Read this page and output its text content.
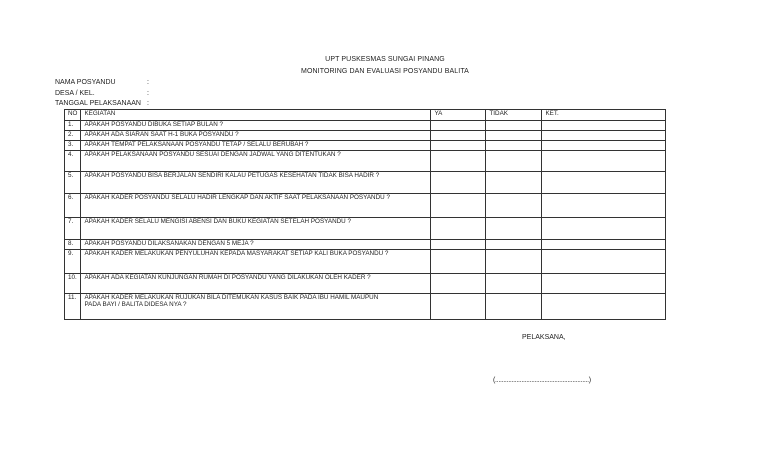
UPT PUSKESMAS SUNGAI PINANG
MONITORING DAN EVALUASI POSYANDU BALITA
NAMA POSYANDU	:
DESA / KEL.	:
TANGGAL PELAKSANAAN :
NO	KEGIATAN	YA	TIDAK	KET.
1.	APAKAH POSYANDU DIBUKA SETIAP BULAN ?			
2.	APAKAH ADA SIARAN SAAT H-1 BUKA POSYANDU ?			
3.	APAKAH TEMPAT PELAKSANAAN POSYANDU TETAP / SELALU BERUBAH ?			
4.	APAKAH PELAKSANAAN POSYANDU SESUAI DENGAN JADWAL YANG DITENTUKAN ?			
5.	APAKAH POSYANDU BISA BERJALAN SENDIRI KALAU PETUGAS KESEHATAN TIDAK BISA HADIR ?			
6.	APAKAH KADER POSYANDU SELALU HADIR LENGKAP DAN AKTIF SAAT PELAKSANAAN POSYANDU ?			
7.	APAKAH KADER SELALU MENGISI ABENSI DAN BUKU KEGIATAN SETELAH POSYANDU ?			
8.	APAKAH POSYANDU DILAKSANAKAN DENGAN 5 MEJA ?			
9.	APAKAH KADER MELAKUKAN PENYULUHAN KEPADA MASYARAKAT SETIAP KALI BUKA POSYANDU ?			
10.	APAKAH ADA KEGIATAN KUNJUNGAN RUMAH DI POSYANDU YANG DILAKUKAN OLEH KADER ?			
11.	APAKAH KADER MELAKUKAN RUJUKAN BILA DITEMUKAN KASUS BAIK PADA IBU HAMIL MAUPUN
PADA BAYI / BALITA DIDESA NYA ?			

PELAKSANA,
(.........................................................)
